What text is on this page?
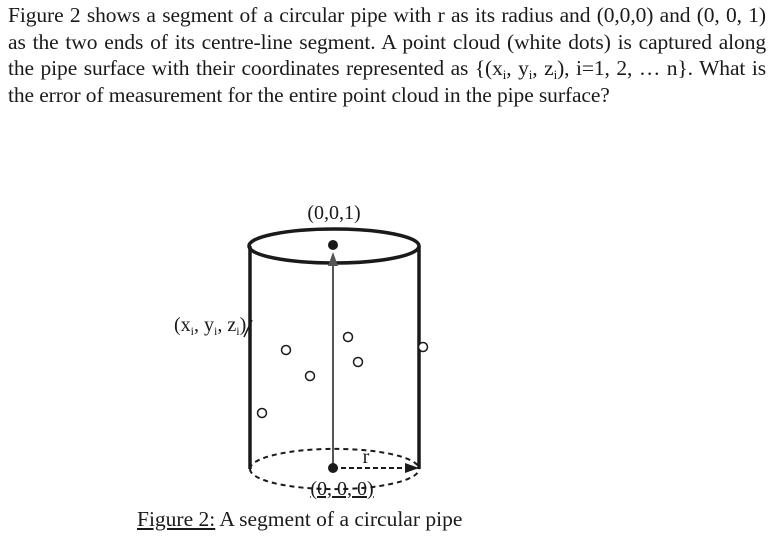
Figure 2 shows a segment of a circular pipe with r as its radius and (0,0,0) and (0, 0, 1) as the two ends of its centre-line segment. A point cloud (white dots) is captured along the pipe surface with their coordinates represented as {($x_i$, $y_i$, $z_i$), i=1, 2, … n}. What is the error of measurement for the entire point cloud in the pipe surface?

(0,0,1)
r
(0, 0, 0)
($x_i$, $y_i$, $z_i$)

Figure 2: A segment of a circular pipe
